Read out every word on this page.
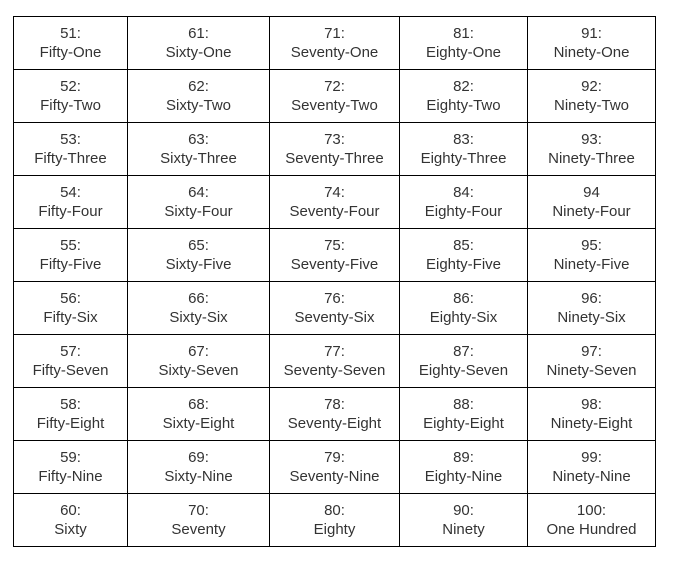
51:
Fifty-One	61:
Sixty-One	71:
Seventy-One	81:
Eighty-One	91:
Ninety-One

52:
Fifty-Two	62:
Sixty-Two	72:
Seventy-Two	82:
Eighty-Two	92:
Ninety-Two

53:
Fifty-Three	63:
Sixty-Three	73:
Seventy-Three	83:
Eighty-Three	93:
Ninety-Three

54:
Fifty-Four	64:
Sixty-Four	74:
Seventy-Four	84:
Eighty-Four	94
Ninety-Four

55:
Fifty-Five	65:
Sixty-Five	75:
Seventy-Five	85:
Eighty-Five	95:
Ninety-Five

56:
Fifty-Six	66:
Sixty-Six	76:
Seventy-Six	86:
Eighty-Six	96:
Ninety-Six

57:
Fifty-Seven	67:
Sixty-Seven	77:
Seventy-Seven	87:
Eighty-Seven	97:
Ninety-Seven

58:
Fifty-Eight	68:
Sixty-Eight	78:
Seventy-Eight	88:
Eighty-Eight	98:
Ninety-Eight

59:
Fifty-Nine	69:
Sixty-Nine	79:
Seventy-Nine	89:
Eighty-Nine	99:
Ninety-Nine

60:
Sixty	70:
Seventy	80:
Eighty	90:
Ninety	100:
One Hundred
